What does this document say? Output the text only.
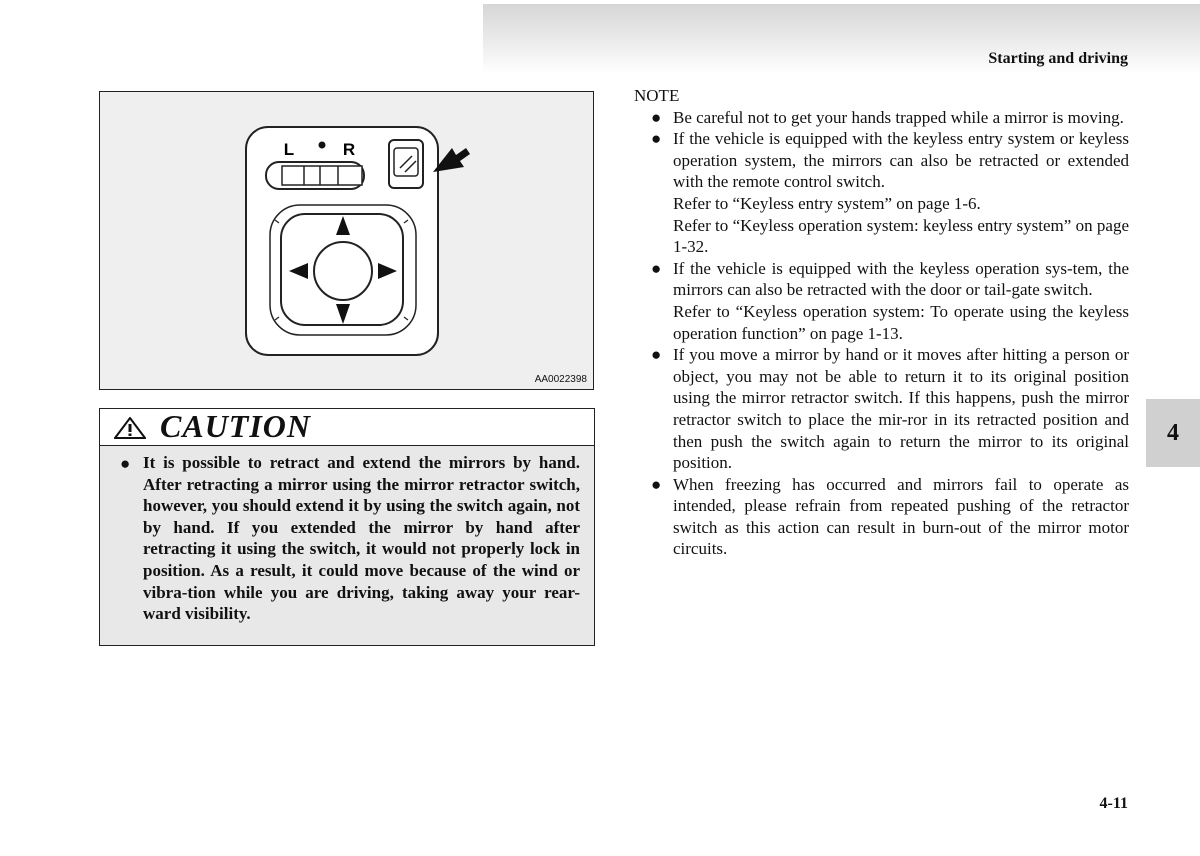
Starting and driving
L	R
AA0022398
CAUTION
● It is possible to retract and extend the mirrors by hand. After retracting a mirror using the mirror retractor switch, however, you should extend it by using the switch again, not by hand. If you extended the mirror by hand after retracting it using the switch, it would not properly lock in position. As a result, it could move because of the wind or vibra-tion while you are driving, taking away your rear-ward visibility.
NOTE
● Be careful not to get your hands trapped while a mirror is moving.

● If the vehicle is equipped with the keyless entry system or keyless operation system, the mirrors can also be retracted or extended with the remote control switch.

Refer to “Keyless entry system” on page 1-6.

Refer to “Keyless operation system: keyless entry system” on page 1-32.

● If the vehicle is equipped with the keyless operation sys-tem, the mirrors can also be retracted with the door or tail-gate switch.

Refer to “Keyless operation system: To operate using the keyless operation function” on page 1-13.

● If you move a mirror by hand or it moves after hitting a person or object, you may not be able to return it to its original position using the mirror retractor switch. If this happens, push the mirror retractor switch to place the mir-ror in its retracted position and then push the switch again to return the mirror to its original position.

● When freezing has occurred and mirrors fail to operate as intended, please refrain from repeated pushing of the retractor switch as this action can result in burn-out of the mirror motor circuits.

4
4-11
